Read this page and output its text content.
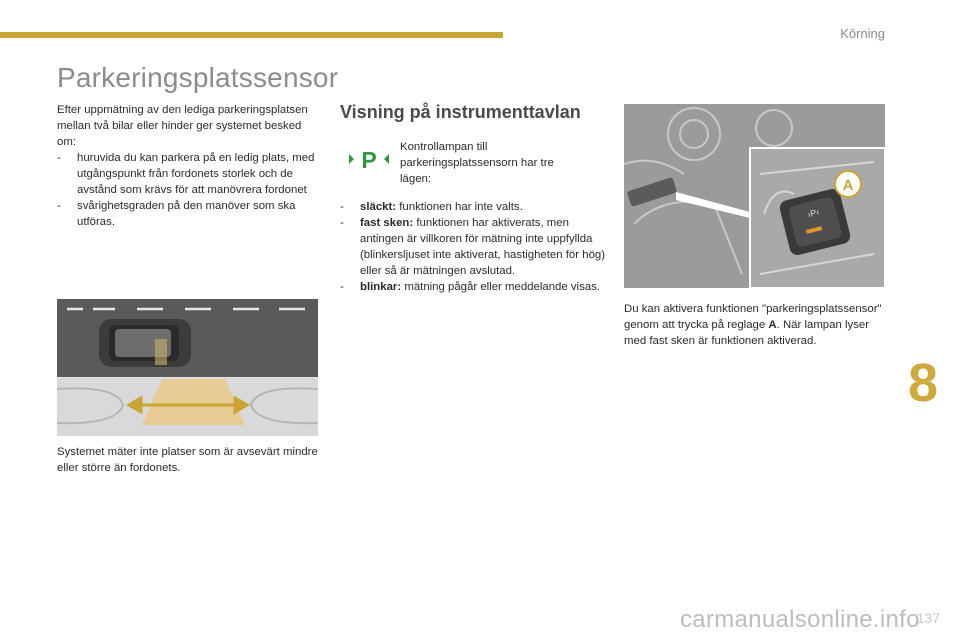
Körning
Parkeringsplatssensor

Efter uppmätning av den lediga parkeringsplatsen mellan två bilar eller hinder ger systemet besked om:

-	huruvida du kan parkera på en ledig plats, med utgångspunkt från fordonets storlek och de avstånd som krävs för att manövrera fordonet
-	svårighetsgraden på den manöver som ska utföras.
Systemet mäter inte platser som är avsevärt mindre eller större än fordonets.
Visning på instrumenttavlan
P Kontrollampan till parkeringsplatssensorn har tre lägen:
-	släckt: funktionen har inte valts.
-	fast sken: funktionen har aktiverats, men antingen är villkoren för mätning inte uppfyllda (blinkersljuset inte aktiverat, hastigheten för hög) eller så är mätningen avslutad.
-	blinkar: mätning pågår eller meddelande visas.
›P‹
A
Du kan aktivera funktionen "parkeringsplatssensor" genom att trycka på reglage A. När lampan lyser med fast sken är funktionen aktiverad.
8
137
carmanualsonline.info
